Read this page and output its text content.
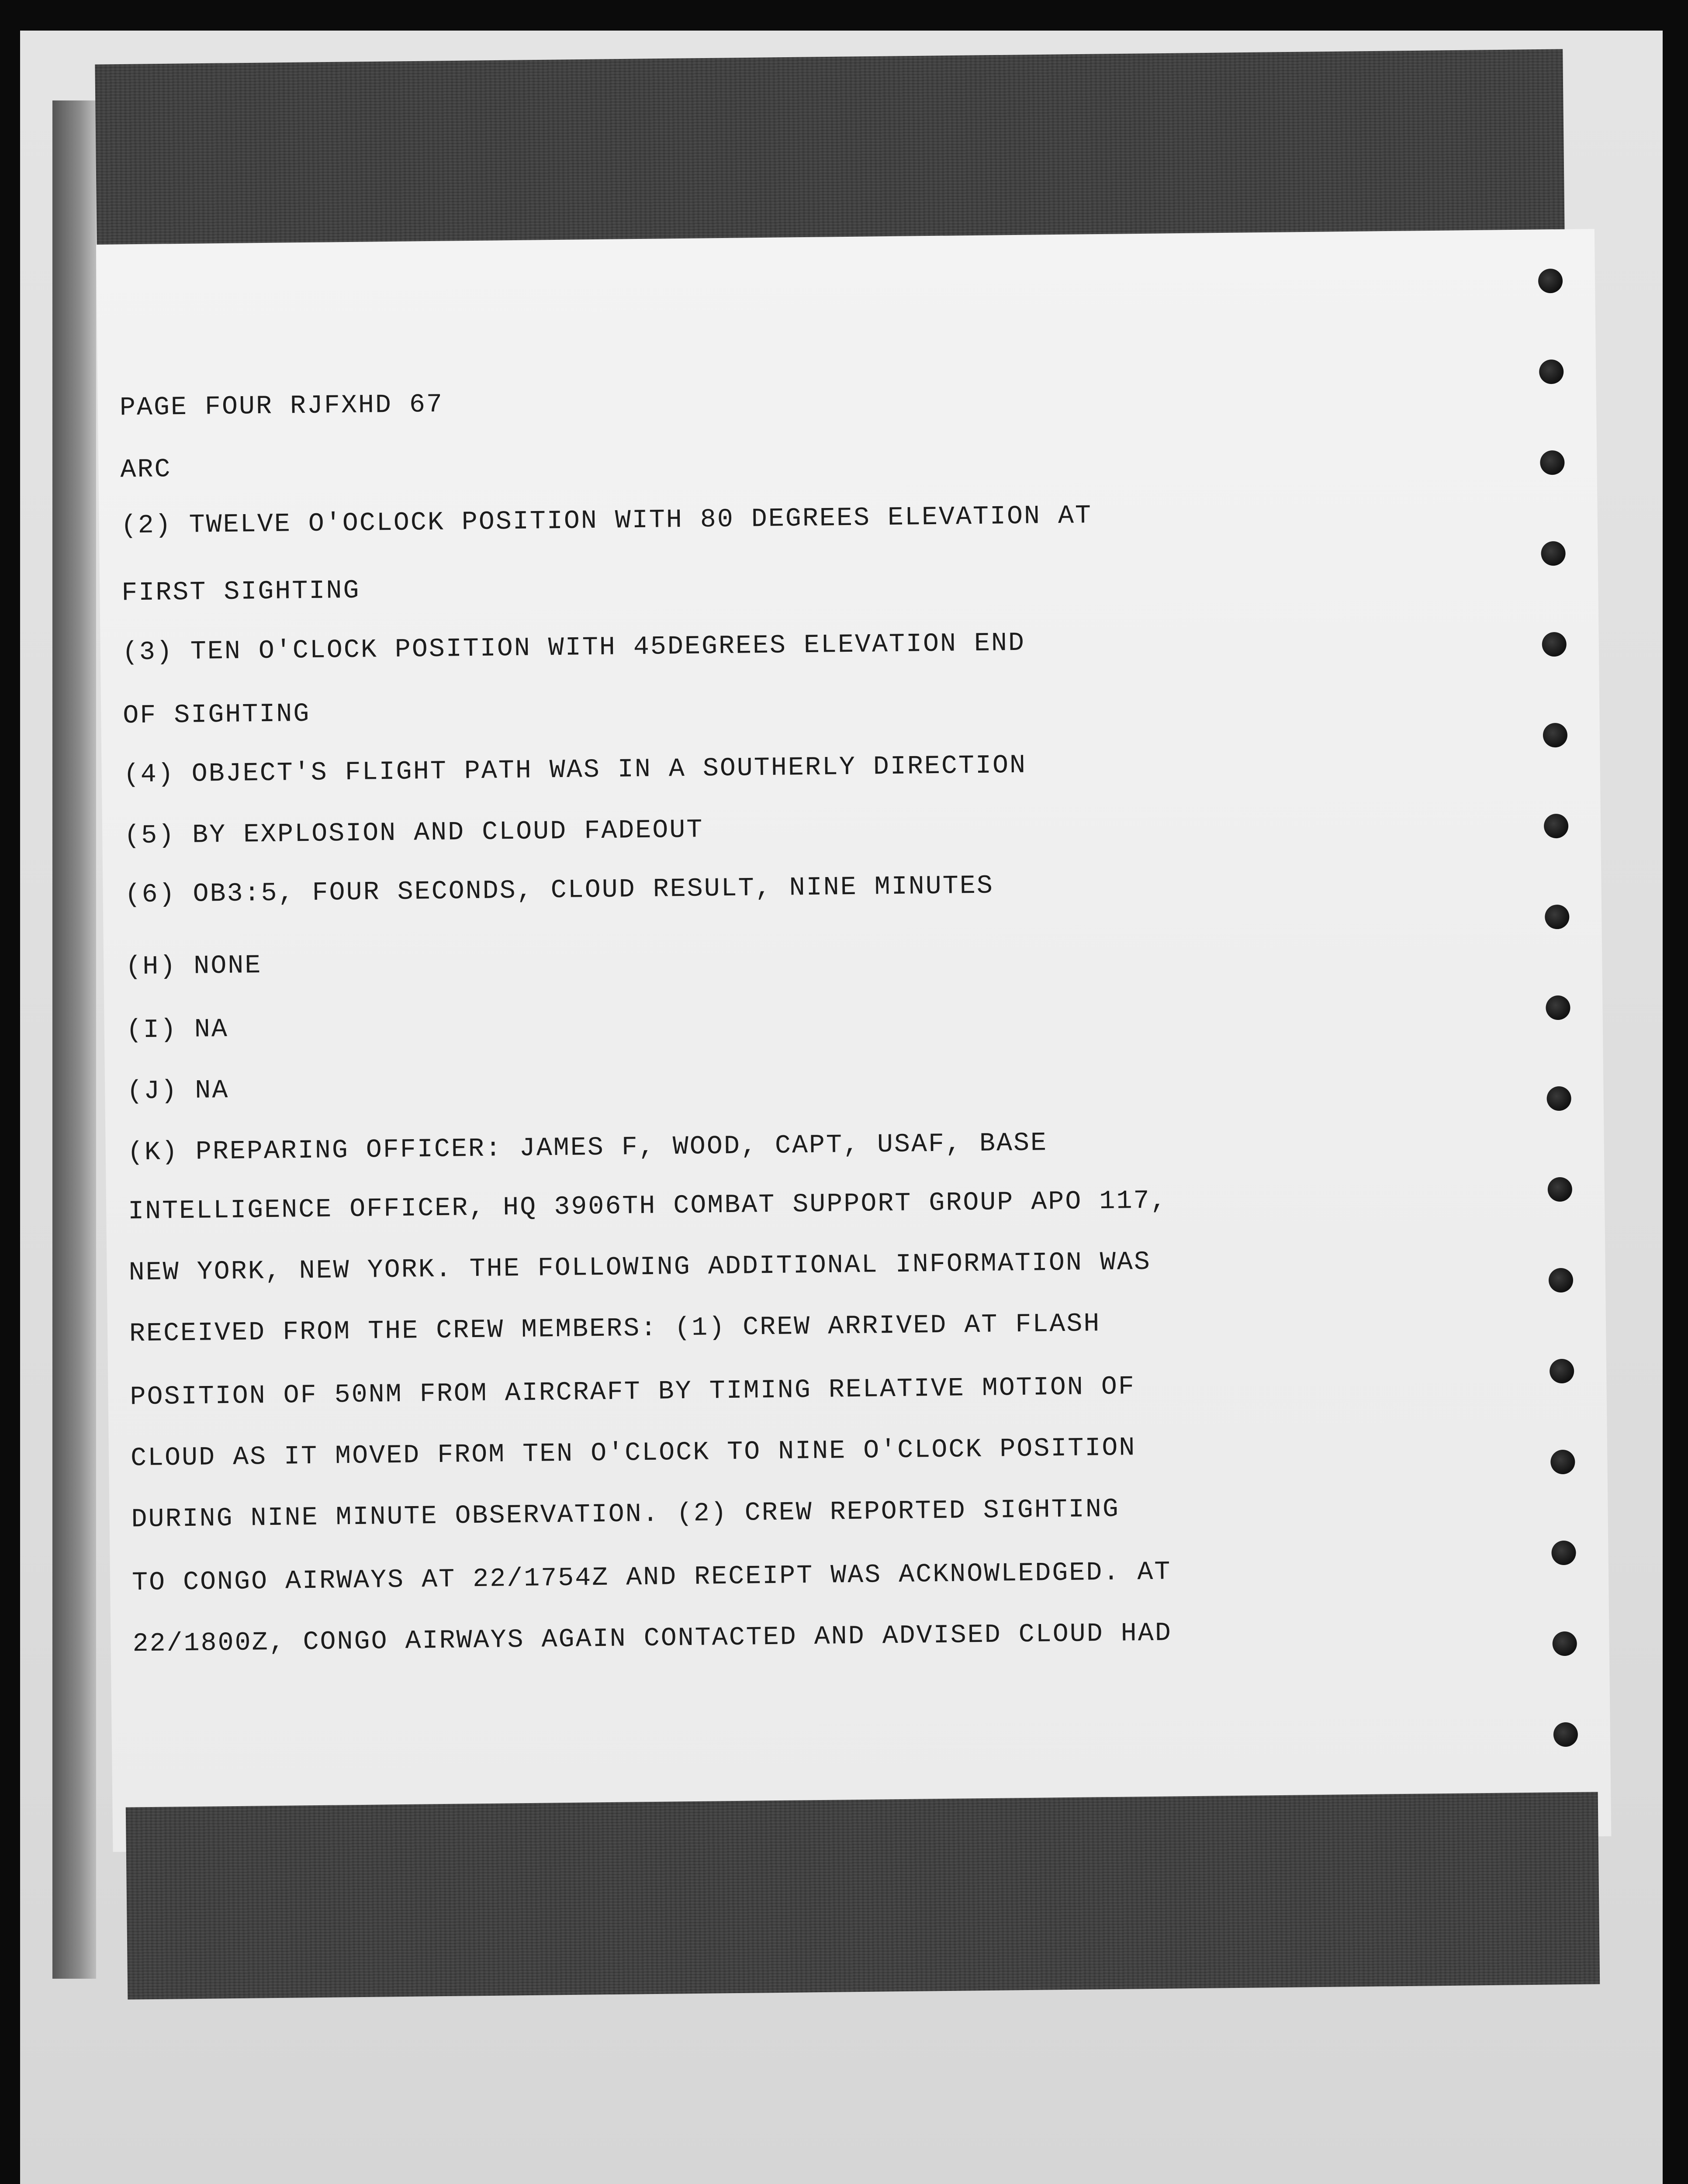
PAGE FOUR RJFXHD 67
ARC
(2) TWELVE O'OCLOCK POSITION WITH 80 DEGREES ELEVATION AT
FIRST SIGHTING
(3) TEN O'CLOCK POSITION WITH 45DEGREES ELEVATION END
OF SIGHTING
(4) OBJECT'S FLIGHT PATH WAS IN A SOUTHERLY DIRECTION
(5) BY EXPLOSION AND CLOUD FADEOUT
(6) OB3:5, FOUR SECONDS, CLOUD RESULT, NINE MINUTES
(H) NONE
(I) NA
(J) NA
(K) PREPARING OFFICER: JAMES F, WOOD, CAPT, USAF, BASE
INTELLIGENCE OFFICER, HQ 3906TH COMBAT SUPPORT GROUP APO 117,
NEW YORK, NEW YORK. THE FOLLOWING ADDITIONAL INFORMATION WAS
RECEIVED FROM THE CREW MEMBERS: (1) CREW ARRIVED AT FLASH
POSITION OF 50NM FROM AIRCRAFT BY TIMING RELATIVE MOTION OF
CLOUD AS IT MOVED FROM TEN O'CLOCK TO NINE O'CLOCK POSITION
DURING NINE MINUTE OBSERVATION. (2) CREW REPORTED SIGHTING
TO CONGO AIRWAYS AT 22/1754Z AND RECEIPT WAS ACKNOWLEDGED. AT
22/1800Z, CONGO AIRWAYS AGAIN CONTACTED AND ADVISED CLOUD HAD
